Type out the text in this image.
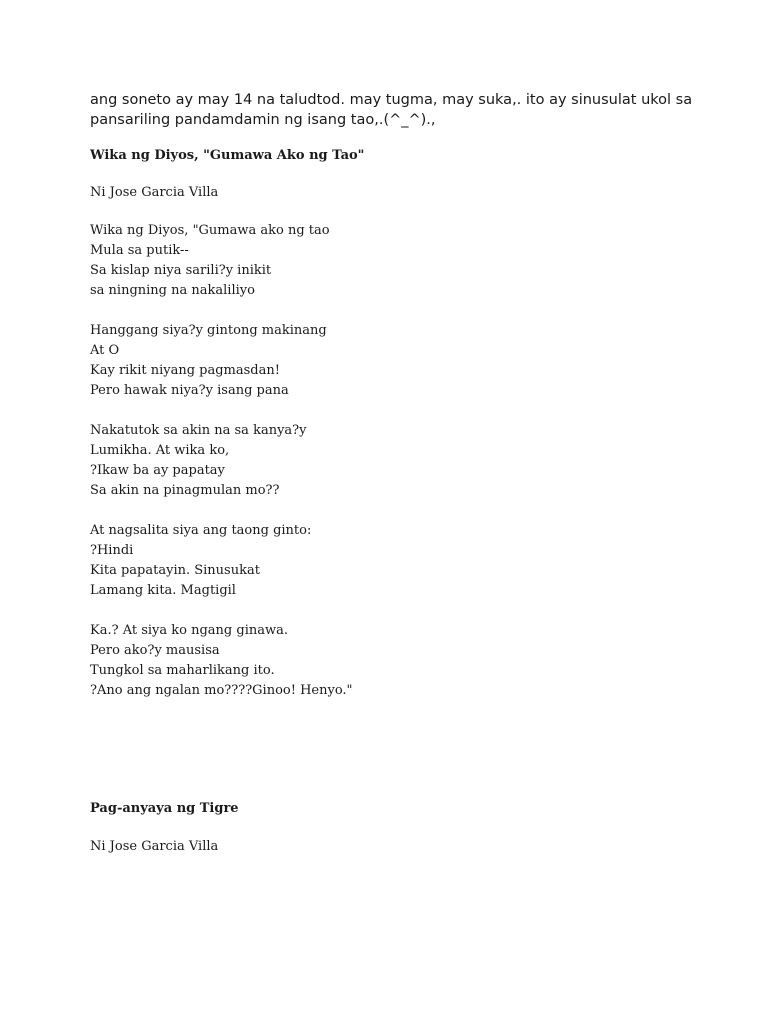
ang soneto ay may 14 na taludtod. may tugma, may suka,. ito ay sinusulat ukol sa
pansariling pandamdamin ng isang tao,.(^_^).,
Wika ng Diyos, "Gumawa Ako ng Tao"
Ni Jose Garcia Villa
Wika ng Diyos, "Gumawa ako ng tao
Mula sa putik--
Sa kislap niya sarili?y inikit
sa ningning na nakaliliyo
Hanggang siya?y gintong makinang
At O
Kay rikit niyang pagmasdan!
Pero hawak niya?y isang pana
Nakatutok sa akin na sa kanya?y
Lumikha. At wika ko,
?Ikaw ba ay papatay
Sa akin na pinagmulan mo??
At nagsalita siya ang taong ginto:
?Hindi
Kita papatayin. Sinusukat
Lamang kita. Magtigil
Ka.? At siya ko ngang ginawa.
Pero ako?y mausisa
Tungkol sa maharlikang ito.
?Ano ang ngalan mo????Ginoo! Henyo."
Pag-anyaya ng Tigre
Ni Jose Garcia Villa
